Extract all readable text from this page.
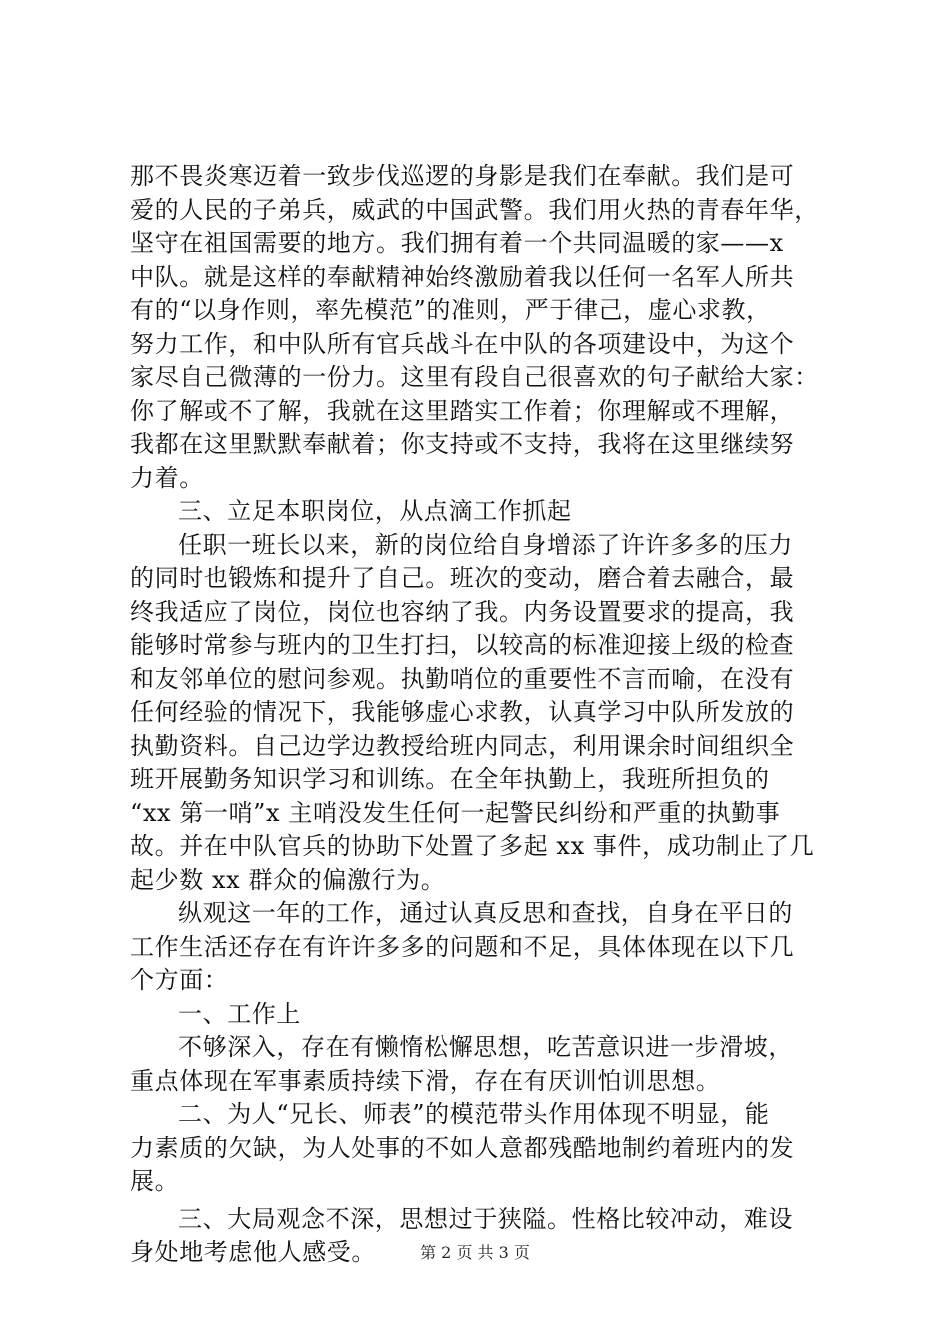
那不畏炎寒迈着一致步伐巡逻的身影是我们在奉献。我们是可
爱的人民的子弟兵，威武的中国武警。我们用火热的青春年华，
坚守在祖国需要的地方。我们拥有着一个共同温暖的家——x
中队。就是这样的奉献精神始终激励着我以任何一名军人所共
有的“以身作则，率先模范”的准则，严于律己，虚心求教，
努力工作，和中队所有官兵战斗在中队的各项建设中，为这个
家尽自己微薄的一份力。这里有段自己很喜欢的句子献给大家：
你了解或不了解，我就在这里踏实工作着；你理解或不理解，
我都在这里默默奉献着；你支持或不支持，我将在这里继续努
力着。
三、立足本职岗位，从点滴工作抓起
任职一班长以来，新的岗位给自身增添了许许多多的压力
的同时也锻炼和提升了自己。班次的变动，磨合着去融合，最
终我适应了岗位，岗位也容纳了我。内务设置要求的提高，我
能够时常参与班内的卫生打扫，以较高的标准迎接上级的检查
和友邻单位的慰问参观。执勤哨位的重要性不言而喻，在没有
任何经验的情况下，我能够虚心求教，认真学习中队所发放的
执勤资料。自己边学边教授给班内同志，利用课余时间组织全
班开展勤务知识学习和训练。在全年执勤上，我班所担负的
“xx 第一哨”x 主哨没发生任何一起警民纠纷和严重的执勤事
故。并在中队官兵的协助下处置了多起 xx 事件，成功制止了几
起少数 xx 群众的偏激行为。
纵观这一年的工作，通过认真反思和查找，自身在平日的
工作生活还存在有许许多多的问题和不足，具体体现在以下几
个方面：
一、工作上
不够深入，存在有懒惰松懈思想，吃苦意识进一步滑坡，
重点体现在军事素质持续下滑，存在有厌训怕训思想。
二、为人“兄长、师表”的模范带头作用体现不明显，能
力素质的欠缺，为人处事的不如人意都残酷地制约着班内的发
展。
三、大局观念不深，思想过于狭隘。性格比较冲动，难设
身处地考虑他人感受。	第 2 页 共 3 页
